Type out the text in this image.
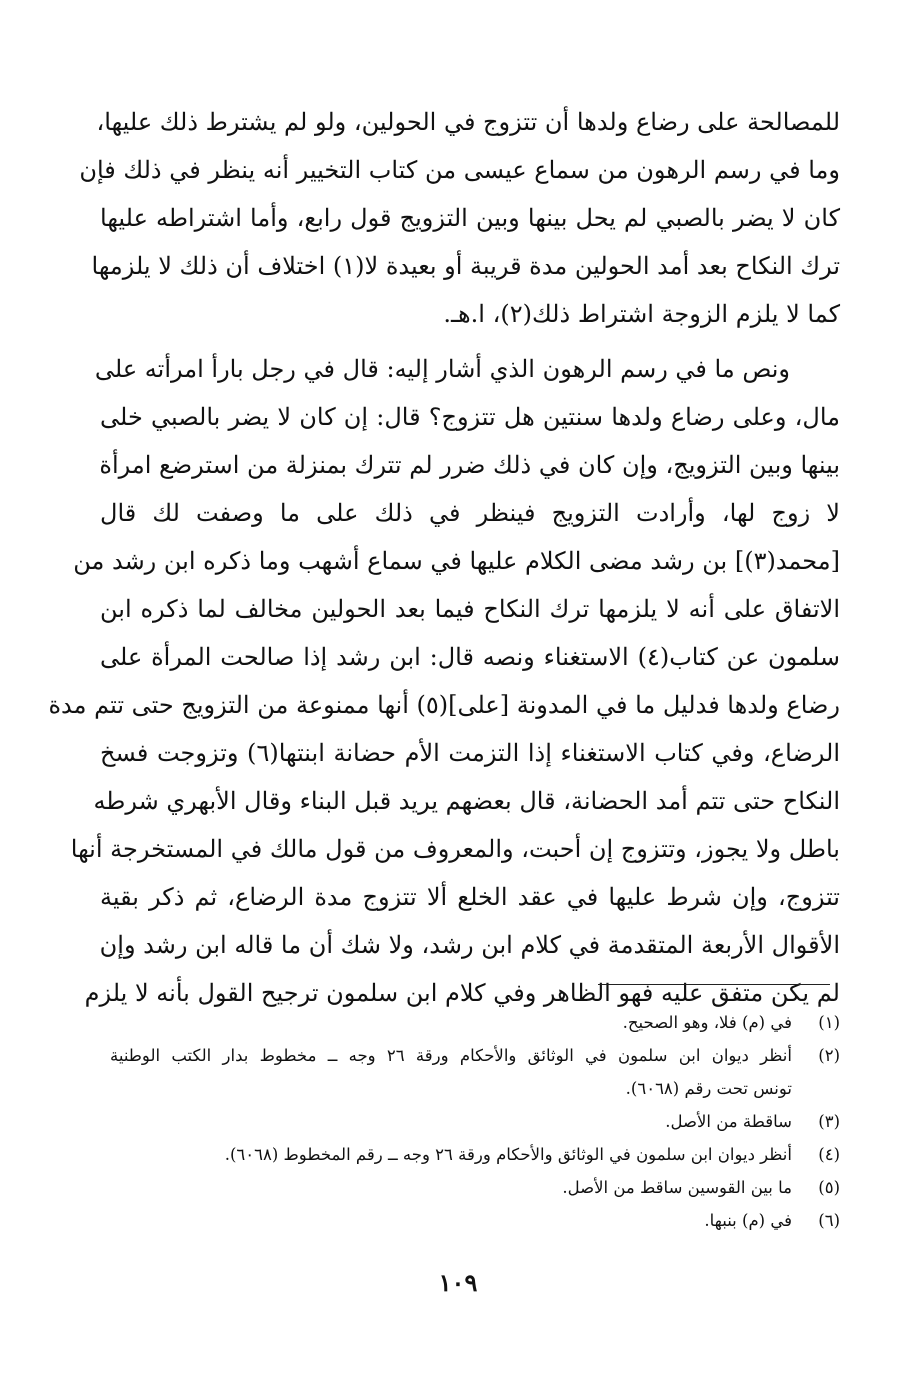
للمصالحة على رضاع ولدها أن تتزوج في الحولين، ولو لم يشترط ذلك عليها،
وما في رسم الرهون من سماع عيسى من كتاب التخيير أنه ينظر في ذلك فإن
كان لا يضر بالصبي لم يحل بينها وبين التزويج قول رابع، وأما اشتراطه عليها
ترك النكاح بعد أمد الحولين مدة قريبة أو بعيدة لا(١) اختلاف أن ذلك لا يلزمها
كما لا يلزم الزوجة اشتراط ذلك(٢)، ا.هـ.
ونص ما في رسم الرهون الذي أشار إليه: قال في رجل بارأ امرأته على
مال، وعلى رضاع ولدها سنتين هل تتزوج؟ قال: إن كان لا يضر بالصبي خلى
بينها وبين التزويج، وإن كان في ذلك ضرر لم تترك بمنزلة من استرضع امرأة
لا زوج لها، وأرادت التزويج فينظر في ذلك على ما وصفت لك قال
[محمد(٣)] بن رشد مضى الكلام عليها في سماع أشهب وما ذكره ابن رشد من
الاتفاق على أنه لا يلزمها ترك النكاح فيما بعد الحولين مخالف لما ذكره ابن
سلمون عن كتاب(٤) الاستغناء ونصه قال: ابن رشد إذا صالحت المرأة على
رضاع ولدها فدليل ما في المدونة [على](٥) أنها ممنوعة من التزويج حتى تتم مدة
الرضاع، وفي كتاب الاستغناء إذا التزمت الأم حضانة ابنتها(٦) وتزوجت فسخ
النكاح حتى تتم أمد الحضانة، قال بعضهم يريد قبل البناء وقال الأبهري شرطه
باطل ولا يجوز، وتتزوج إن أحبت، والمعروف من قول مالك في المستخرجة أنها
تتزوج، وإن شرط عليها في عقد الخلع ألا تتزوج مدة الرضاع، ثم ذكر بقية
الأقوال الأربعة المتقدمة في كلام ابن رشد، ولا شك أن ما قاله ابن رشد وإن
لم يكن متفق عليه فهو الظاهر وفي كلام ابن سلمون ترجيح القول بأنه لا يلزم
(١)
في (م) فلا، وهو الصحيح.
(٢)
أنظر ديوان ابن سلمون في الوثائق والأحكام ورقة ٢٦ وجه ــ مخطوط بدار الكتب الوطنية
تونس تحت رقم (٦٠٦٨).
(٣)
ساقطة من الأصل.
(٤)
أنظر ديوان ابن سلمون في الوثائق والأحكام ورقة ٢٦ وجه ــ رقم المخطوط (٦٠٦٨).
(٥)
ما بين القوسين ساقط من الأصل.
(٦)
في (م) بنبها.
١٠٩
